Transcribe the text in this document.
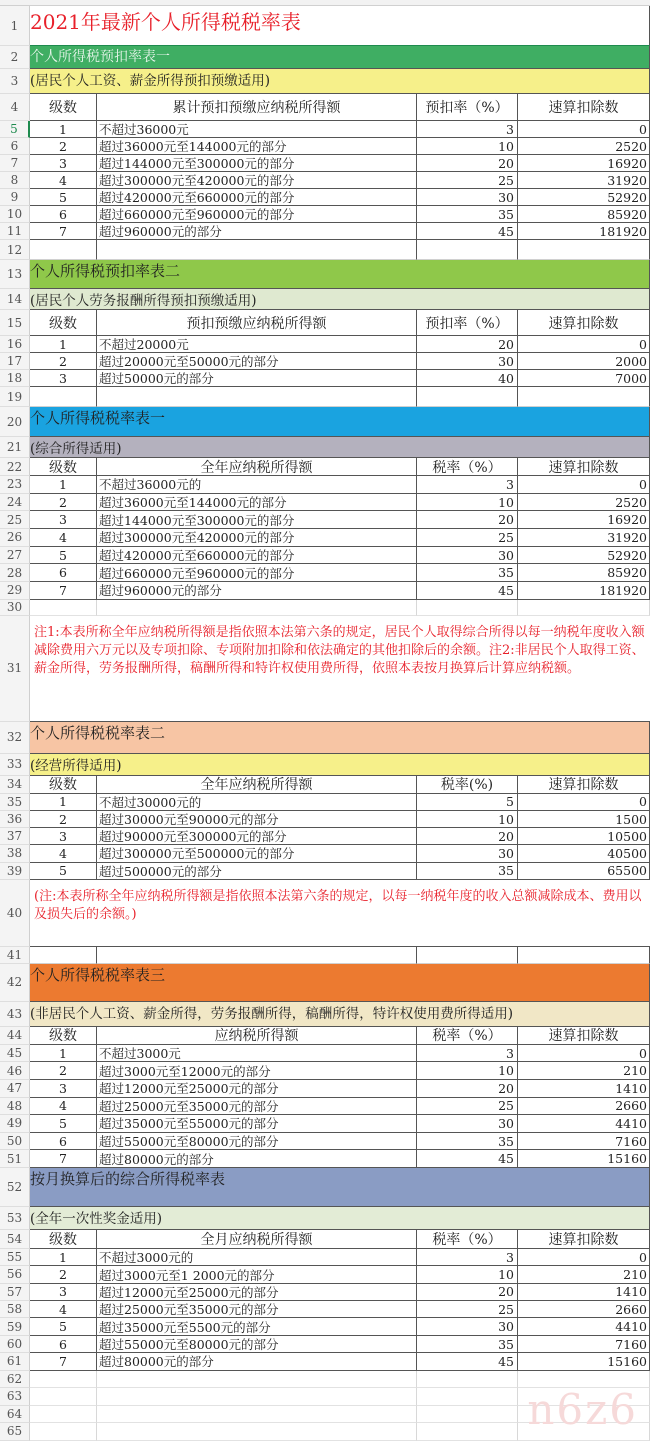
1 2021年最新个人所得税税率表
2 个人所得税预扣率表一
3 (居民个人工资、薪金所得预扣预缴适用)
4	级数	累计预扣预缴应纳税所得额	预扣率（%）	速算扣除数
5	1	不超过36000元	3	0
6	2	超过36000元至144000元的部分	10	2520
7	3	超过144000元至300000元的部分	20	16920
8	4	超过300000元至420000元的部分	25	31920
9	5	超过420000元至660000元的部分	30	52920
10	6	超过660000元至960000元的部分	35	85920
11	7	超过960000元的部分	45	181920
12
13 个人所得税预扣率表二
14 (居民个人劳务报酬所得预扣预缴适用)
15	级数	预扣预缴应纳税所得额	预扣率（%）	速算扣除数
16	1	不超过20000元	20	0
17	2	超过20000元至50000元的部分	30	2000
18	3	超过50000元的部分	40	7000
19
20 个人所得税税率表一
21 (综合所得适用)
22	级数	全年应纳税所得额	税率（%）	速算扣除数
23	1	不超过36000元的	3	0
24	2	超过36000元至144000元的部分	10	2520
25	3	超过144000元至300000元的部分	20	16920
26	4	超过300000元至420000元的部分	25	31920
27	5	超过420000元至660000元的部分	30	52920
28	6	超过660000元至960000元的部分	35	85920
29	7	超过960000元的部分	45	181920
30
31
注1:本表所称全年应纳税所得额是指依照本法第六条的规定，居民个人取得综合所得以每一纳税年度收入额减除费用六万元以及专项扣除、专项附加扣除和依法确定的其他扣除后的余额。注2:非居民个人取得工资、薪金所得，劳务报酬所得，稿酬所得和特许权使用费所得，依照本表按月换算后计算应纳税额。
32 个人所得税税率表二
33 (经营所得适用)
34	级数	全年应纳税所得额	税率(%)	速算扣除数
35	1	不超过30000元的	5	0
36	2	超过30000元至90000元的部分	10	1500
37	3	超过90000元至300000元的部分	20	10500
38	4	超过300000元至500000元的部分	30	40500
39	5	超过500000元的部分	35	65500
40
(注:本表所称全年应纳税所得额是指依照本法第六条的规定，以每一纳税年度的收入总额减除成本、费用以及损失后的余额。)
41
42 个人所得税税率表三
43 (非居民个人工资、薪金所得，劳务报酬所得，稿酬所得，特许权使用费所得适用)
44	级数	应纳税所得额	税率（%）	速算扣除数
45	1	不超过3000元	3	0
46	2	超过3000元至12000元的部分	10	210
47	3	超过12000元至25000元的部分	20	1410
48	4	超过25000元至35000元的部分	25	2660
49	5	超过35000元至55000元的部分	30	4410
50	6	超过55000元至80000元的部分	35	7160
51	7	超过80000元的部分	45	15160
52 按月换算后的综合所得税率表
53 (全年一次性奖金适用)
54	级数	全月应纳税所得额	税率（%）	速算扣除数
55	1	不超过3000元的	3	0
56	2	超过3000元至1 2000元的部分	10	210
57	3	超过12000元至25000元的部分	20	1410
58	4	超过25000元至35000元的部分	25	2660
59	5	超过35000元至5500元的部分	30	4410
60	6	超过55000元至80000元的部分	35	7160
61	7	超过80000元的部分	45	15160
62
63
64
65	n6z6
